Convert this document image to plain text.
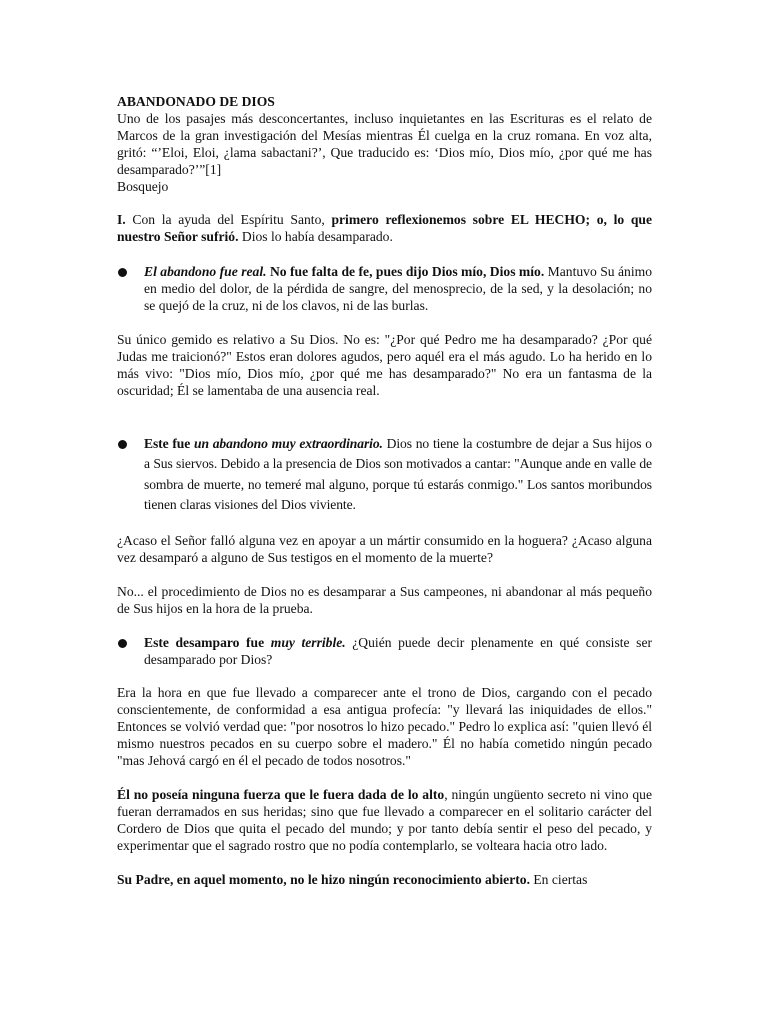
ABANDONADO DE DIOS

Uno de los pasajes más desconcertantes, incluso inquietantes en las Escrituras es el relato de Marcos de la gran investigación del Mesías mientras Él cuelga en la cruz romana. En voz alta, gritó: “’Eloi, Eloi, ¿lama sabactani?’, Que traducido es: ‘Dios mío, Dios mío, ¿por qué me has desamparado?’”[1]

Bosquejo

I. Con la ayuda del Espíritu Santo, primero reflexionemos sobre EL HECHO; o, lo que nuestro Señor sufrió. Dios lo había desamparado.

El abandono fue real. No fue falta de fe, pues dijo Dios mío, Dios mío. Mantuvo Su ánimo en medio del dolor, de la pérdida de sangre, del menosprecio, de la sed, y la desolación; no se quejó de la cruz, ni de los clavos, ni de las burlas.

Su único gemido es relativo a Su Dios. No es: "¿Por qué Pedro me ha desamparado? ¿Por qué Judas me traicionó?" Estos eran dolores agudos, pero aquél era el más agudo. Lo ha herido en lo más vivo: "Dios mío, Dios mío, ¿por qué me has desamparado?" No era un fantasma de la oscuridad; Él se lamentaba de una ausencia real.

Este fue un abandono muy extraordinario. Dios no tiene la costumbre de dejar a Sus hijos o a Sus siervos. Debido a la presencia de Dios son motivados a cantar: "Aunque ande en valle de sombra de muerte, no temeré mal alguno, porque tú estarás conmigo." Los santos moribundos tienen claras visiones del Dios viviente.

¿Acaso el Señor falló alguna vez en apoyar a un mártir consumido en la hoguera? ¿Acaso alguna vez desamparó a alguno de Sus testigos en el momento de la muerte?

No... el procedimiento de Dios no es desamparar a Sus campeones, ni abandonar al más pequeño de Sus hijos en la hora de la prueba.

Este desamparo fue muy terrible. ¿Quién puede decir plenamente en qué consiste ser desamparado por Dios?

Era la hora en que fue llevado a comparecer ante el trono de Dios, cargando con el pecado conscientemente, de conformidad a esa antigua profecía: "y llevará las iniquidades de ellos." Entonces se volvió verdad que: "por nosotros lo hizo pecado." Pedro lo explica así: "quien llevó él mismo nuestros pecados en su cuerpo sobre el madero." Él no había cometido ningún pecado "mas Jehová cargó en él el pecado de todos nosotros."

Él no poseía ninguna fuerza que le fuera dada de lo alto, ningún ungüento secreto ni vino que fueran derramados en sus heridas; sino que fue llevado a comparecer en el solitario carácter del Cordero de Dios que quita el pecado del mundo; y por tanto debía sentir el peso del pecado, y experimentar que el sagrado rostro que no podía contemplarlo, se volteara hacia otro lado.

Su Padre, en aquel momento, no le hizo ningún reconocimiento abierto. En ciertas
